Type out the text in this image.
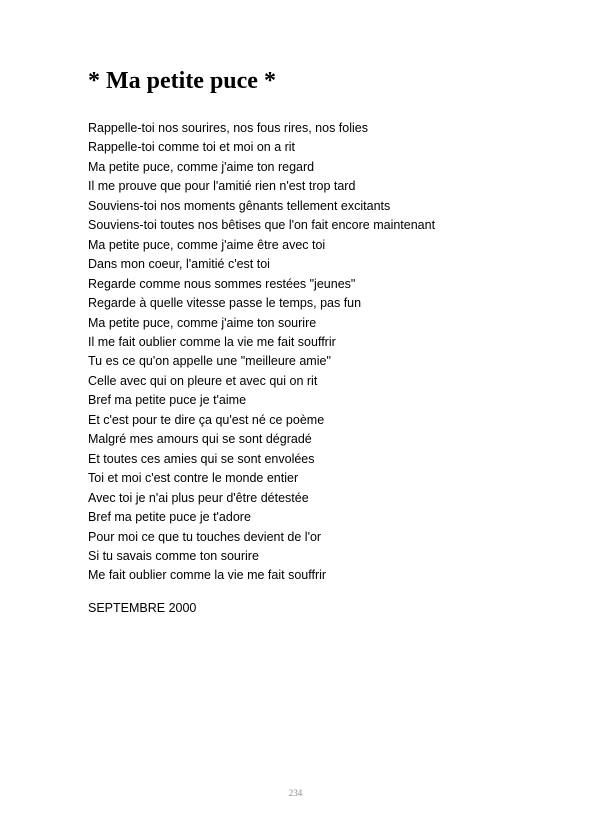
* Ma petite puce *
Rappelle-toi nos sourires, nos fous rires, nos folies
Rappelle-toi comme toi et moi on a rit
Ma petite puce, comme j'aime ton regard
Il me prouve que pour l'amitié rien n'est trop tard
Souviens-toi nos moments gênants tellement excitants
Souviens-toi toutes nos bêtises que l'on fait encore maintenant
Ma petite puce, comme j'aime être avec toi
Dans mon coeur, l'amitié c'est toi
Regarde comme nous sommes restées "jeunes"
Regarde à quelle vitesse passe le temps, pas fun
Ma petite puce, comme j'aime ton sourire
Il me fait oublier comme la vie me fait souffrir
Tu es ce qu'on appelle une "meilleure amie"
Celle avec qui on pleure et avec qui on rit
Bref ma petite puce je t'aime
Et c'est pour te dire ça qu'est né ce poème
Malgré mes amours qui se sont dégradé
Et toutes ces amies qui se sont envolées
Toi et moi c'est contre le monde entier
Avec toi je n'ai plus peur d'être détestée
Bref ma petite puce je t'adore
Pour moi ce que tu touches devient de l'or
Si tu savais comme ton sourire
Me fait oublier comme la vie me fait souffrir

SEPTEMBRE 2000

234
